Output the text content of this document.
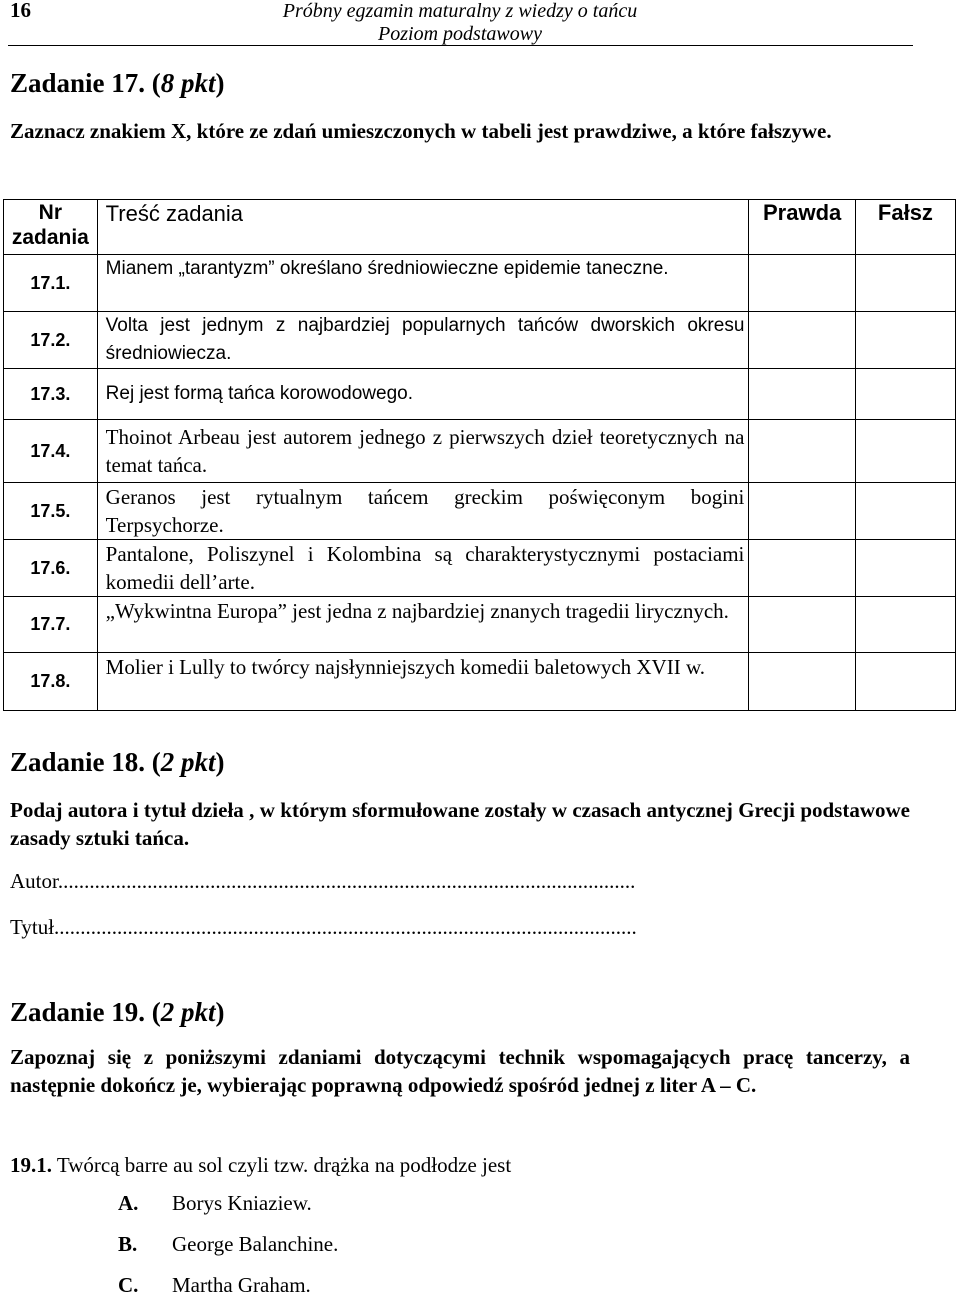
16	Próbny egzamin maturalny z wiedzy o tańcu
Poziom podstawowy
Zadanie 17. (8 pkt)
Zaznacz znakiem X, które ze zdań umieszczonych w tabeli jest prawdziwe, a które fałszywe.
Nr zadania	Treść zadania	Prawda	Fałsz
17.1.	Mianem „tarantyzm” określano średniowieczne epidemie taneczne.		
17.2.	Volta jest jednym z najbardziej popularnych tańców dworskich okresu średniowiecza.		
17.3.	Rej jest formą tańca korowodowego.		
17.4.	Thoinot Arbeau jest autorem jednego z pierwszych dzieł teoretycznych na temat tańca.		
17.5.	Geranos jest rytualnym tańcem greckim poświęconym bogini Terpsychorze.		
17.6.	Pantalone, Poliszynel i Kolombina są charakterystycznymi postaciami komedii dell’arte.		
17.7.	„Wykwintna Europa” jest jedna z najbardziej znanych tragedii lirycznych.		
17.8.	Molier i Lully to twórcy najsłynniejszych komedii baletowych XVII w.		
Zadanie 18. (2 pkt)
Podaj autora i tytuł dzieła , w którym sformułowane zostały w czasach antycznej Grecji podstawowe zasady sztuki tańca.
Autor..............................................................................................................
Tytuł...............................................................................................................
Zadanie 19. (2 pkt)
Zapoznaj się z poniższymi zdaniami dotyczącymi technik wspomagających pracę tancerzy, a następnie dokończ je, wybierając poprawną odpowiedź spośród jednej z liter A – C.
19.1. Twórcą barre au sol czyli tzw. drążka na podłodze jest
A. Borys Kniaziew.
B. George Balanchine.
C. Martha Graham.
